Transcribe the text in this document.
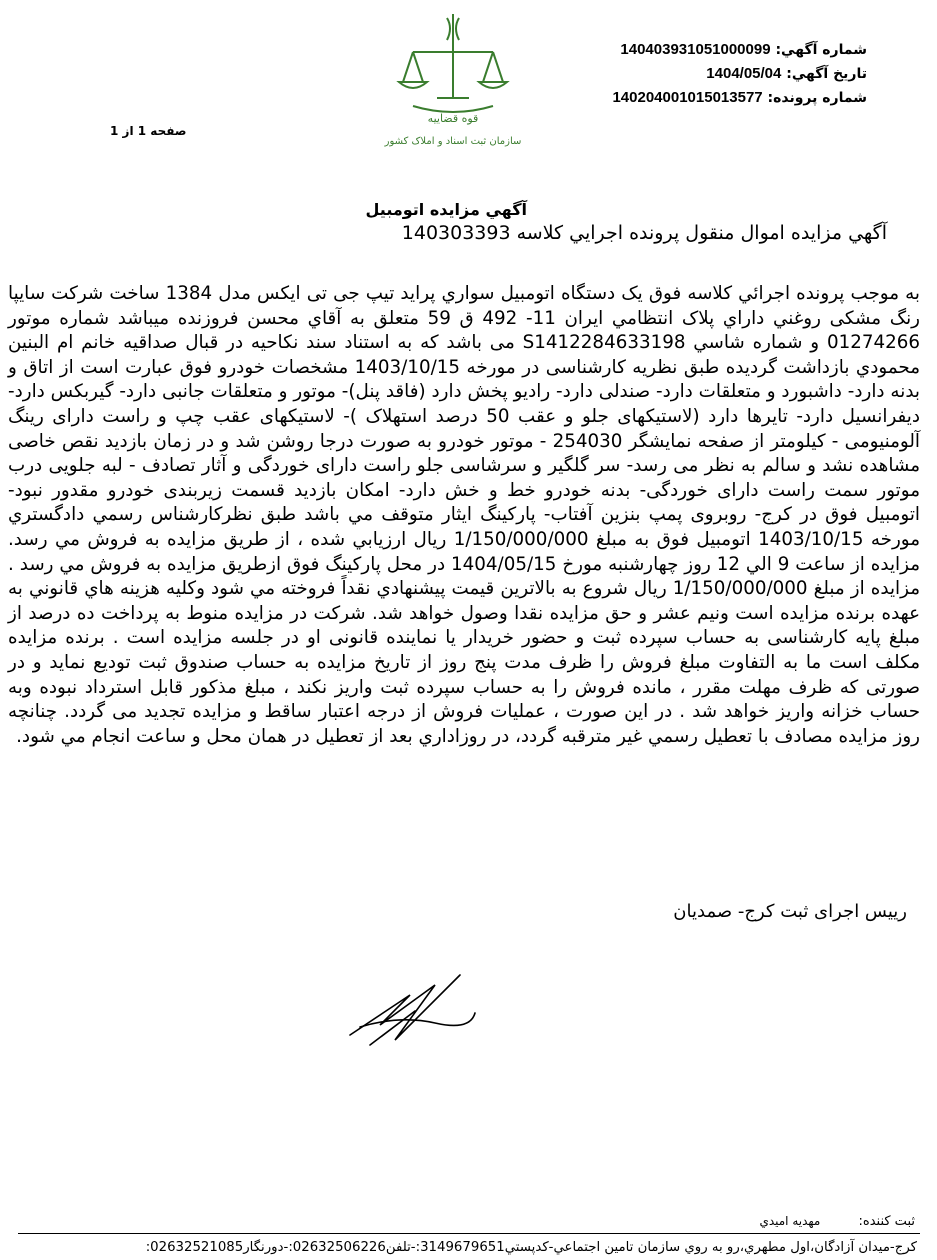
شماره آگهي: 140403931051000099
تاريخ آگهي: 1404/05/04
شماره پرونده: 140204001015013577
قوه قضاییه
سازمان ثبت اسناد و املاک کشور
صفحه 1 از 1
آگهي مزايده اتومبيل
آگهي مزايده اموال منقول پرونده اجرايي كلاسه 140303393

به موجب پرونده اجرائي كلاسه فوق يک دستگاه اتومبيل سواري پرايد تيپ جی تی ایکس مدل 1384 ساخت شركت سايپا رنگ مشکی روغني داراي پلاک انتظامي ایران 11- 492 ق 59 متعلق به آقاي محسن فروزنده ميباشد شماره موتور 01274266 و شماره شاسي S1412284633198 می باشد كه به استناد سند نكاحيه در قبال صداقيه خانم ام البنين محمودي بازداشت گرديده طبق نظريه کارشناسی در مورخه 1403/10/15 مشخصات خودرو فوق عبارت است از اتاق و بدنه دارد- داشبورد و متعلقات دارد- صندلی دارد- رادیو پخش دارد (فاقد پنل)- موتور و متعلقات جانبی دارد- گیربکس دارد- دیفرانسیل دارد- تایرها دارد (لاستیکهای جلو و عقب 50 درصد استهلاک )- لاستیکهای عقب چپ و راست دارای رینگ آلومنیومی - کیلومتر از صفحه نمایشگر 254030 - موتور خودرو به صورت درجا روشن شد و در زمان بازدید نقص خاصی مشاهده نشد و سالم به نظر می رسد- سر گلگیر و سرشاسی جلو راست دارای خوردگی و آثار تصادف - لبه جلویی درب موتور سمت راست دارای خوردگی- بدنه خودرو خط و خش دارد- امکان بازدید قسمت زیربندی خودرو مقدور نبود- اتومبیل فوق در کرج- روبروی پمپ بنزین آفتاب- پارکینگ ایثار متوقف مي باشد طبق نظركارشناس رسمي دادگستري مورخه 1403/10/15 اتومبيل فوق به مبلغ 1/150/000/000 ريال ارزيابي شده ، از طريق مزايده به فروش مي رسد. مزايده از ساعت 9 الي 12 روز چهارشنبه مورخ 1404/05/15 در محل پارکینگ فوق ازطريق مزايده به فروش مي رسد . مزايده از مبلغ 1/150/000/000 ريال شروع به بالاترين قيمت پيشنهادي نقداً فروخته مي شود وكليه هزينه هاي قانوني به عهده برنده مزايده است ونیم عشر و حق مزایده نقدا وصول خواهد شد. شرکت در مزايده منوط به پرداخت ده درصد از مبلغ پایه کارشناسی به حساب سپرده ثبت و حضور خريدار يا نماينده قانونی او در جلسه مزايده است . برنده مزايده مکلف است ما به التفاوت مبلغ فروش را ظرف مدت پنج روز از تاريخ مزايده به حساب صندوق ثبت توديع نمايد و در صورتی كه ظرف مهلت مقرر ، مانده فروش را به حساب سپرده ثبت واريز نكند ، مبلغ مذكور قابل استرداد نبوده وبه حساب خزانه واريز خواهد شد . در اين صورت ، عمليات فروش از درجه اعتبار ساقط و مزايده تجديد می گردد. چنانچه روز مزايده مصادف با تعطيل رسمي غير مترقبه گردد، در روزاداري بعد از تعطيل در همان محل و ساعت انجام مي شود.

رييس اجرای ثبت کرج- صمدیان
ثبت كننده: مهديه اميدي
كرج-ميدان آزادگان،اول مطهري،رو به روي سازمان تامين اجتماعي-كدپستي3149679651:-تلفن02632506226:-دورنگار02632521085:
